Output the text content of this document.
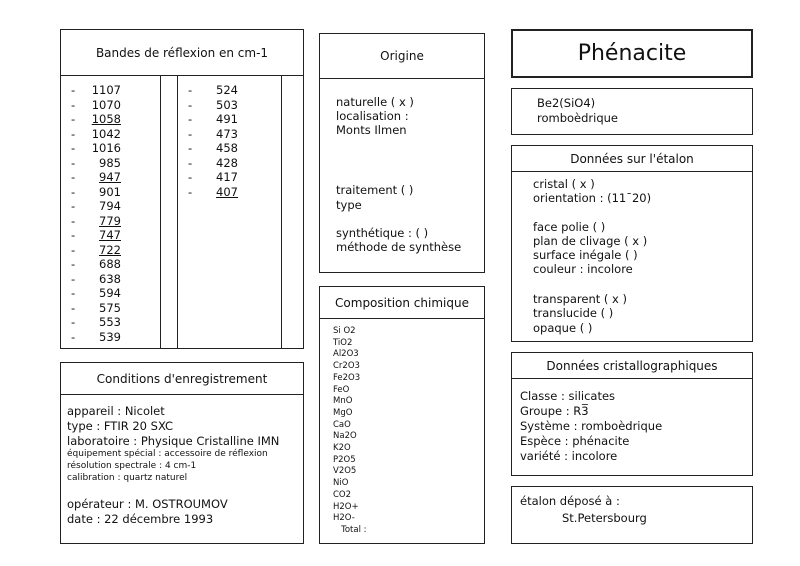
Bandes de réflexion en cm-1
- 1107
- 1070
- 1058
- 1042
- 1016
- 985
- 947
- 901
- 794
- 779
- 747
- 722
- 688
- 638
- 594
- 575
- 553
- 539
- 524
- 503
- 491
- 473
- 458
- 428
- 417
- 407
Conditions d'enregistrement
appareil : Nicolet
type : FTIR 20 SXC
laboratoire : Physique Cristalline IMN
équipement spécial : accessoire de réflexion
résolution spectrale : 4 cm-1
calibration : quartz naturel
opérateur : M. OSTROUMOV
date : 22 décembre 1993
Origine
naturelle ( x )
localisation :
Monts Ilmen
traitement ( )
type
synthétique : ( )
méthode de synthèse
Composition chimique
Si O2
TiO2
Al2O3
Cr2O3
Fe2O3
FeO
MnO
MgO
CaO
Na2O
K2O
P2O5
V2O5
NiO
CO2
H2O+
H2O-
Total :
Phénacite
Be2(SiO4)
romboèdrique
Données sur l'étalon
cristal ( x )
orientation : (11¯20)
face polie ( )
plan de clivage ( x )
surface inégale ( )
couleur : incolore
transparent ( x )
translucide ( )
opaque ( )
Données cristallographiques
Classe : silicates
Groupe : R3̅
Système : romboèdrique
Espèce : phénacite
variété : incolore
étalon déposé à :
St.Petersbourg
